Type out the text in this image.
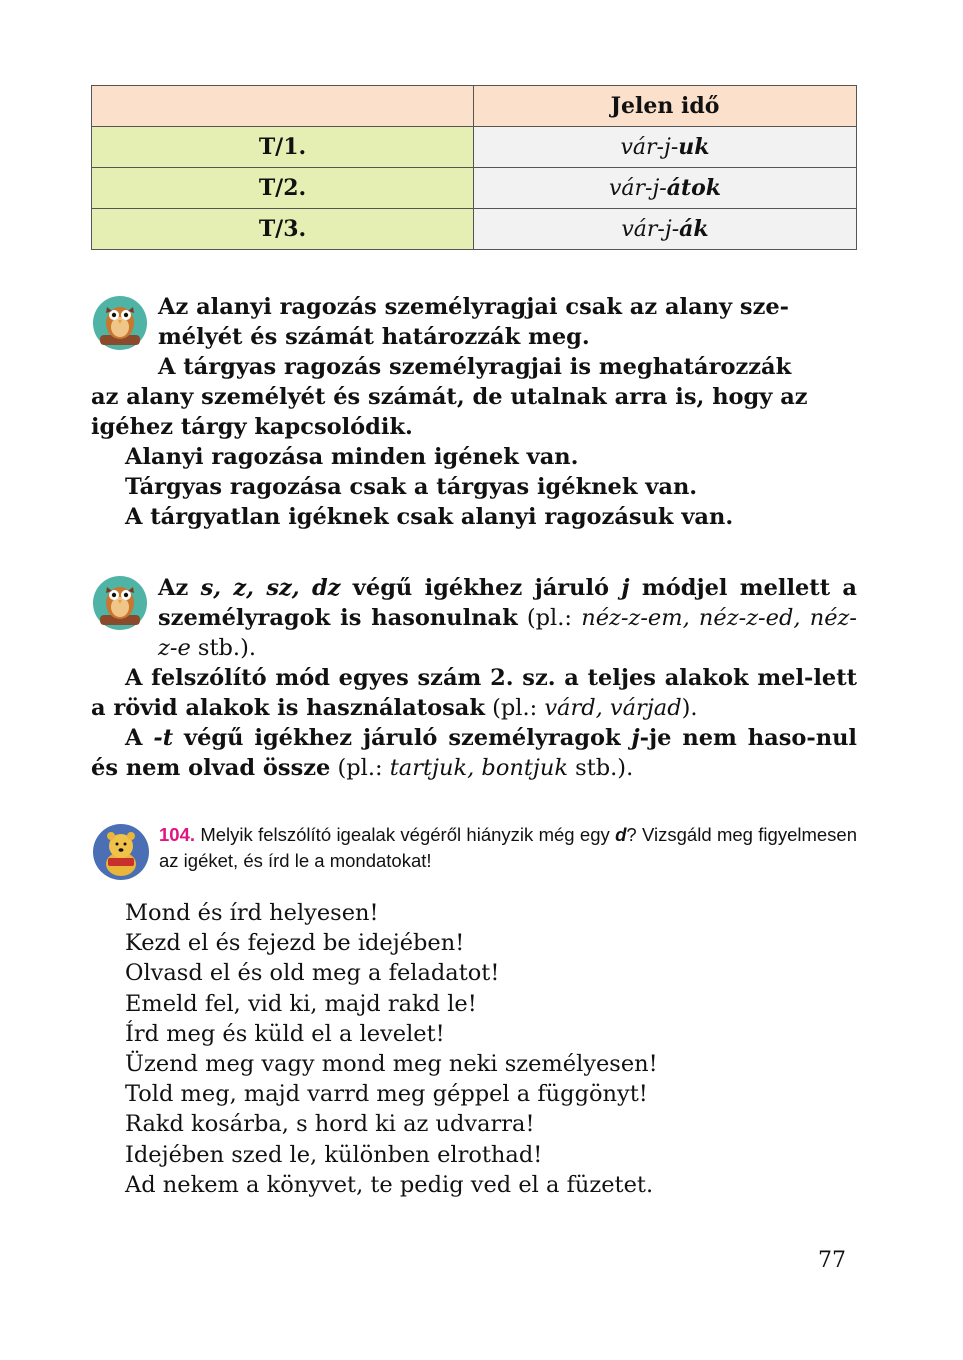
	Jelen idő
T/1.	vár-j-uk
T/2.	vár-j-átok
T/3.	vár-j-ák
Az alanyi ragozás személyragjai csak az alany sze-
mélyét és számát határozzák meg.
A tárgyas ragozás személyragjai is meghatározzák
az alany személyét és számát, de utalnak arra is, hogy az
igéhez tárgy kapcsolódik.
Alanyi ragozása minden igének van.
Tárgyas ragozása csak a tárgyas igéknek van.
A tárgyatlan igéknek csak alanyi ragozásuk van.
Az s, z, sz, dz végű igékhez járuló j módjel mellett a személyragok is hasonulnak (pl.: néz-z-em, néz-z-ed, néz-z-e stb.).
A felszólító mód egyes szám 2. sz. a teljes alakok mel-lett a rövid alakok is használatosak (pl.: várd, várjad).
A -t végű igékhez járuló személyragok j-je nem haso-nul és nem olvad össze (pl.: tartjuk, bontjuk stb.).
104. Melyik felszólító igealak végéről hiányzik még egy d? Vizsgáld meg figyelmesen az igéket, és írd le a mondatokat!
Mond és írd helyesen!
Kezd el és fejezd be idejében!
Olvasd el és old meg a feladatot!
Emeld fel, vid ki, majd rakd le!
Írd meg és küld el a levelet!
Üzend meg vagy mond meg neki személyesen!
Told meg, majd varrd meg géppel a függönyt!
Rakd kosárba, s hord ki az udvarra!
Idejében szed le, különben elrothad!
Ad nekem a könyvet, te pedig ved el a füzetet.
77
